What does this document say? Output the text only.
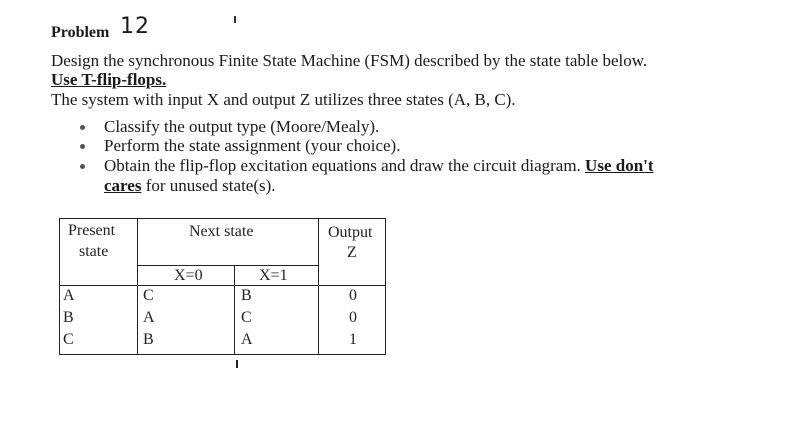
Problem 12
Design the synchronous Finite State Machine (FSM) described by the state table below.
Use T-flip-flops.
The system with input X and output Z utilizes three states (A, B, C).
Classify the output type (Moore/Mealy).
Perform the state assignment (your choice).
Obtain the flip-flop excitation equations and draw the circuit diagram. Use don't
cares for unused state(s).
Present
state
Next state
X=0	X=1
Output
Z
A	C	B	0
B	A	C	0
C	B	A	1
